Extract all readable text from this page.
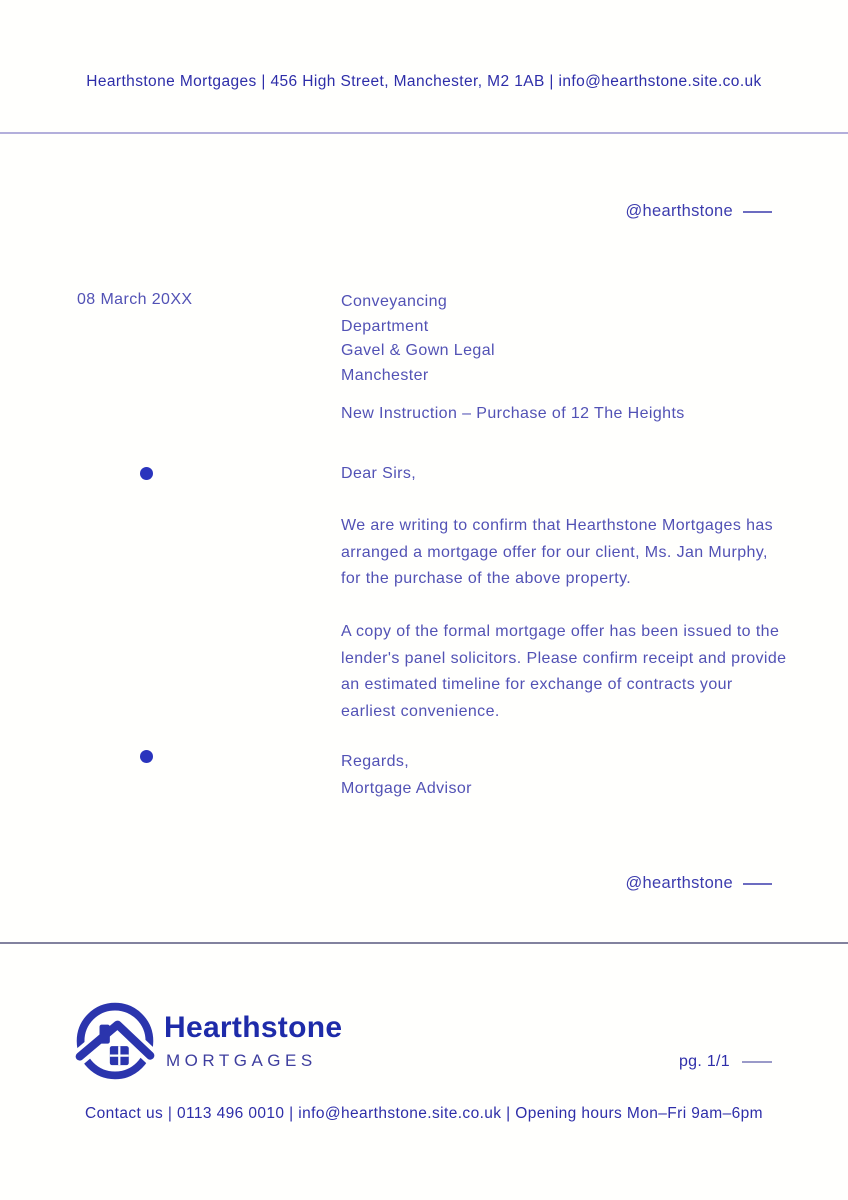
Hearthstone Mortgages | 456 High Street, Manchester, M2 1AB | info@hearthstone.site.co.uk
@hearthstone
08 March 20XX	Conveyancing
Department
Gavel & Gown Legal
Manchester
New Instruction – Purchase of 12 The Heights
Dear Sirs,
We are writing to confirm that Hearthstone Mortgages has arranged a mortgage offer for our client, Ms. Jan Murphy, for the purchase of the above property.
A copy of the formal mortgage offer has been issued to the lender's panel solicitors. Please confirm receipt and provide an estimated timeline for exchange of contracts your earliest convenience.
Regards,
Mortgage Advisor
@hearthstone
Hearthstone
MORTGAGES	pg. 1/1
Contact us | 0113 496 0010 | info@hearthstone.site.co.uk | Opening hours Mon–Fri 9am–6pm
